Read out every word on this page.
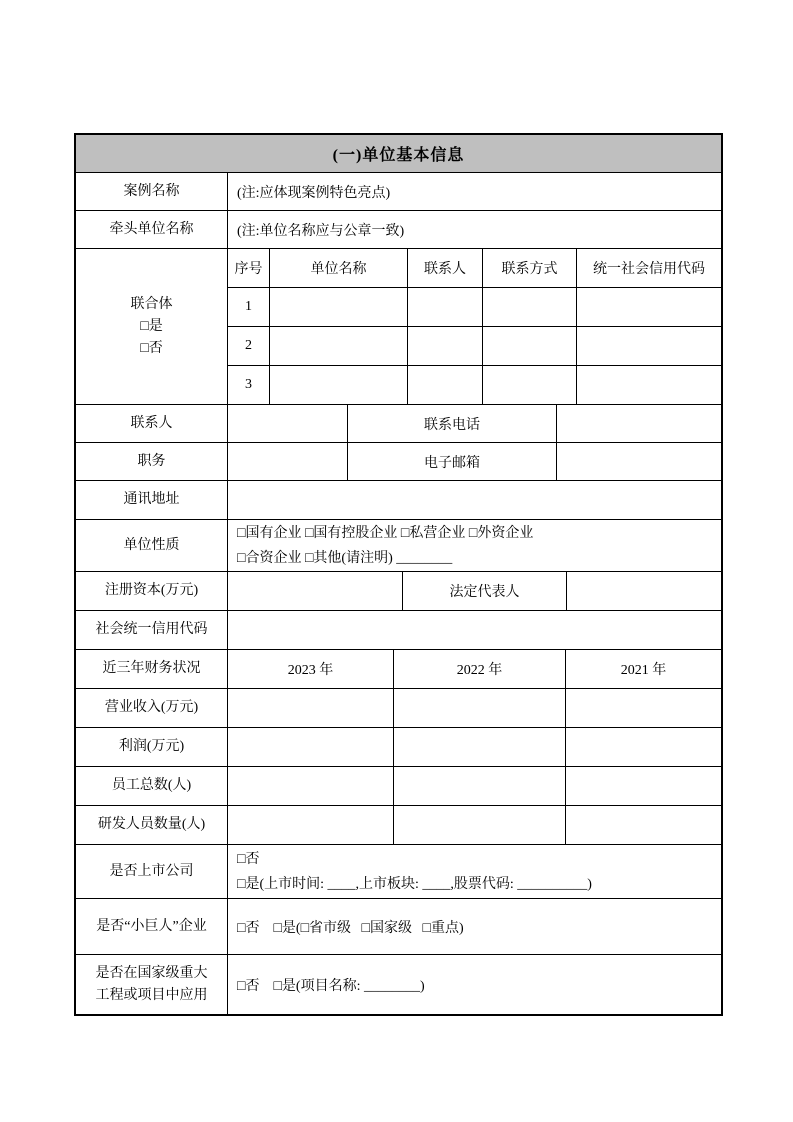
(一)单位基本信息
案例名称	(注:应体现案例特色亮点)
牵头单位名称	(注:单位名称应与公章一致)
联合体
□是
□否
序号	单位名称	联系人	联系方式	统一社会信用代码
1
2
3
联系人	联系电话
职务	电子邮箱
通讯地址
单位性质
□国有企业 □国有控股企业 □私营企业 □外资企业
□合资企业 □其他(请注明) ________
注册资本(万元)	法定代表人
社会统一信用代码
近三年财务状况	2023 年	2022 年	2021 年
营业收入(万元)
利润(万元)
员工总数(人)
研发人员数量(人)
是否上市公司
□否
□是(上市时间: ____,上市板块: ____,股票代码: __________)
是否“小巨人”企业	□否    □是(□省市级   □国家级   □重点)
是否在国家级重大
工程或项目中应用
□否    □是(项目名称: ________)
